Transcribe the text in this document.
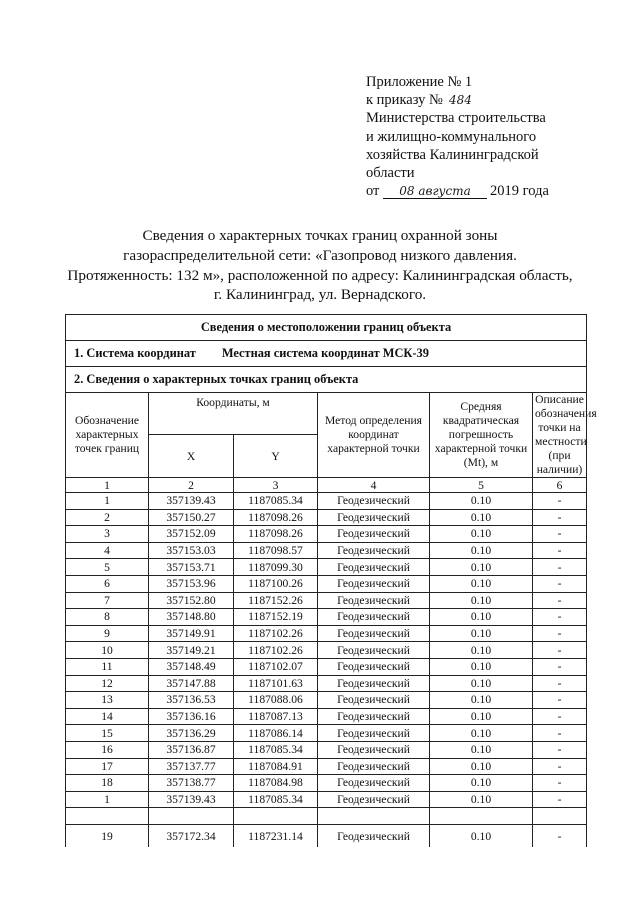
Приложение № 1
к приказу № 484
Министерства строительства
и жилищно-коммунального
хозяйства Калининградской
области
от 08 августа 2019 года
Сведения о характерных точках границ охранной зоны
газораспределительной сети: «Газопровод низкого давления.
Протяженность: 132 м», расположенной по адресу: Калининградская область,
г. Калининград, ул. Вернадского.
Сведения о местоположении границ объекта					
1. Система координат Местная система координат МСК-39					
2. Сведения о характерных точках границ объекта					
Обозначение характерных точек границ	Координаты, м		Метод определения координат характерной точки	Средняя квадратическая погрешность характерной точки (Mt), м	Описание обозначения точки на местности (при наличии)
	X	Y			
1	2	3	4	5	6
1	357139.43	1187085.34	Геодезический	0.10	-
2	357150.27	1187098.26	Геодезический	0.10	-
3	357152.09	1187098.26	Геодезический	0.10	-
4	357153.03	1187098.57	Геодезический	0.10	-
5	357153.71	1187099.30	Геодезический	0.10	-
6	357153.96	1187100.26	Геодезический	0.10	-
7	357152.80	1187152.26	Геодезический	0.10	-
8	357148.80	1187152.19	Геодезический	0.10	-
9	357149.91	1187102.26	Геодезический	0.10	-
10	357149.21	1187102.26	Геодезический	0.10	-
11	357148.49	1187102.07	Геодезический	0.10	-
12	357147.88	1187101.63	Геодезический	0.10	-
13	357136.53	1187088.06	Геодезический	0.10	-
14	357136.16	1187087.13	Геодезический	0.10	-
15	357136.29	1187086.14	Геодезический	0.10	-
16	357136.87	1187085.34	Геодезический	0.10	-
17	357137.77	1187084.91	Геодезический	0.10	-
18	357138.77	1187084.98	Геодезический	0.10	-
1	357139.43	1187085.34	Геодезический	0.10	-

19	357172.34	1187231.14	Геодезический	0.10	-
